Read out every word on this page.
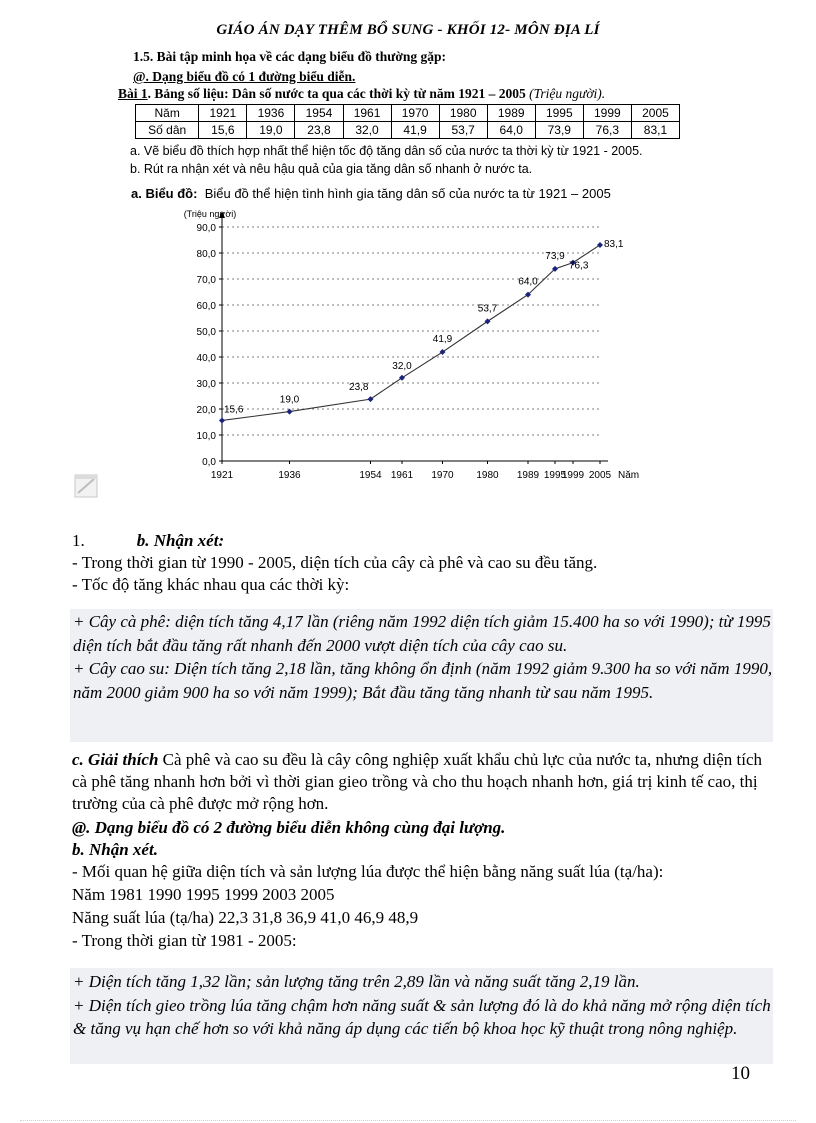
GIÁO ÁN DẠY THÊM BỔ SUNG - KHỐI 12- MÔN ĐỊA LÍ
1.5. Bài tập minh họa về các dạng biểu đồ thường gặp:
@. Dạng biểu đồ có 1 đường biểu diễn.
Bài 1. Bảng số liệu: Dân số nước ta qua các thời kỳ từ năm 1921 – 2005 (Triệu người).
Năm	1921	1936	1954	1961	1970	1980	1989	1995	1999	2005
Số dân	15,6	19,0	23,8	32,0	41,9	53,7	64,0	73,9	76,3	83,1
a. Vẽ biểu đồ thích hợp nhất thể hiện tốc độ tăng dân số của nước ta thời kỳ từ 1921 - 2005.
b. Rút ra nhận xét và nêu hậu quả của gia tăng dân số nhanh ở nước ta.
a. Biểu đồ: Biểu đồ thể hiện tình hình gia tăng dân số của nước ta từ 1921 – 2005
0,0
10,0
20,0
30,0
40,0
50,0
60,0
70,0
80,0
90,0
(Triệu người)
1921	1936	1954 1961 1970 1980 1989 1995
1999 2005 Năm
15,6
19,0
23,8
32,0
41,9
53,7
64,0
73,9
76,3
83,1
1.	b. Nhận xét:
- Trong thời gian từ 1990 - 2005, diện tích của cây cà phê và cao su đều tăng.
- Tốc độ tăng khác nhau qua các thời kỳ:
+ Cây cà phê: diện tích tăng 4,17 lần (riêng năm 1992 diện tích giảm 15.400 ha so với 1990); từ 1995 diện tích bắt đầu tăng rất nhanh đến 2000 vượt diện tích của cây cao su.
+ Cây cao su: Diện tích tăng 2,18 lần, tăng không ổn định (năm 1992 giảm 9.300 ha so với năm 1990, năm 2000 giảm 900 ha so với năm 1999); Bắt đầu tăng tăng nhanh từ sau năm 1995.
c. Giải thích Cà phê và cao su đều là cây công nghiệp xuất khẩu chủ lực của nước ta, nhưng diện tích cà phê tăng nhanh hơn bởi vì thời gian gieo trồng và cho thu hoạch nhanh hơn, giá trị kinh tế cao, thị trường của cà phê được mở rộng hơn.
@. Dạng biểu đồ có 2 đường biểu diễn không cùng đại lượng.
b. Nhận xét.
- Mối quan hệ giữa diện tích và sản lượng lúa được thể hiện bằng năng suất lúa (tạ/ha):
Năm 1981 1990 1995 1999 2003 2005
Năng suất lúa (tạ/ha) 22,3 31,8 36,9 41,0 46,9 48,9
- Trong thời gian từ 1981 - 2005:
+ Diện tích tăng 1,32 lần; sản lượng tăng trên 2,89 lần và năng suất tăng 2,19 lần.
+ Diện tích gieo trồng lúa tăng chậm hơn năng suất & sản lượng đó là do khả năng mở rộng diện tích & tăng vụ hạn chế hơn so với khả năng áp dụng các tiến bộ khoa học kỹ thuật trong nông nghiệp.
10
